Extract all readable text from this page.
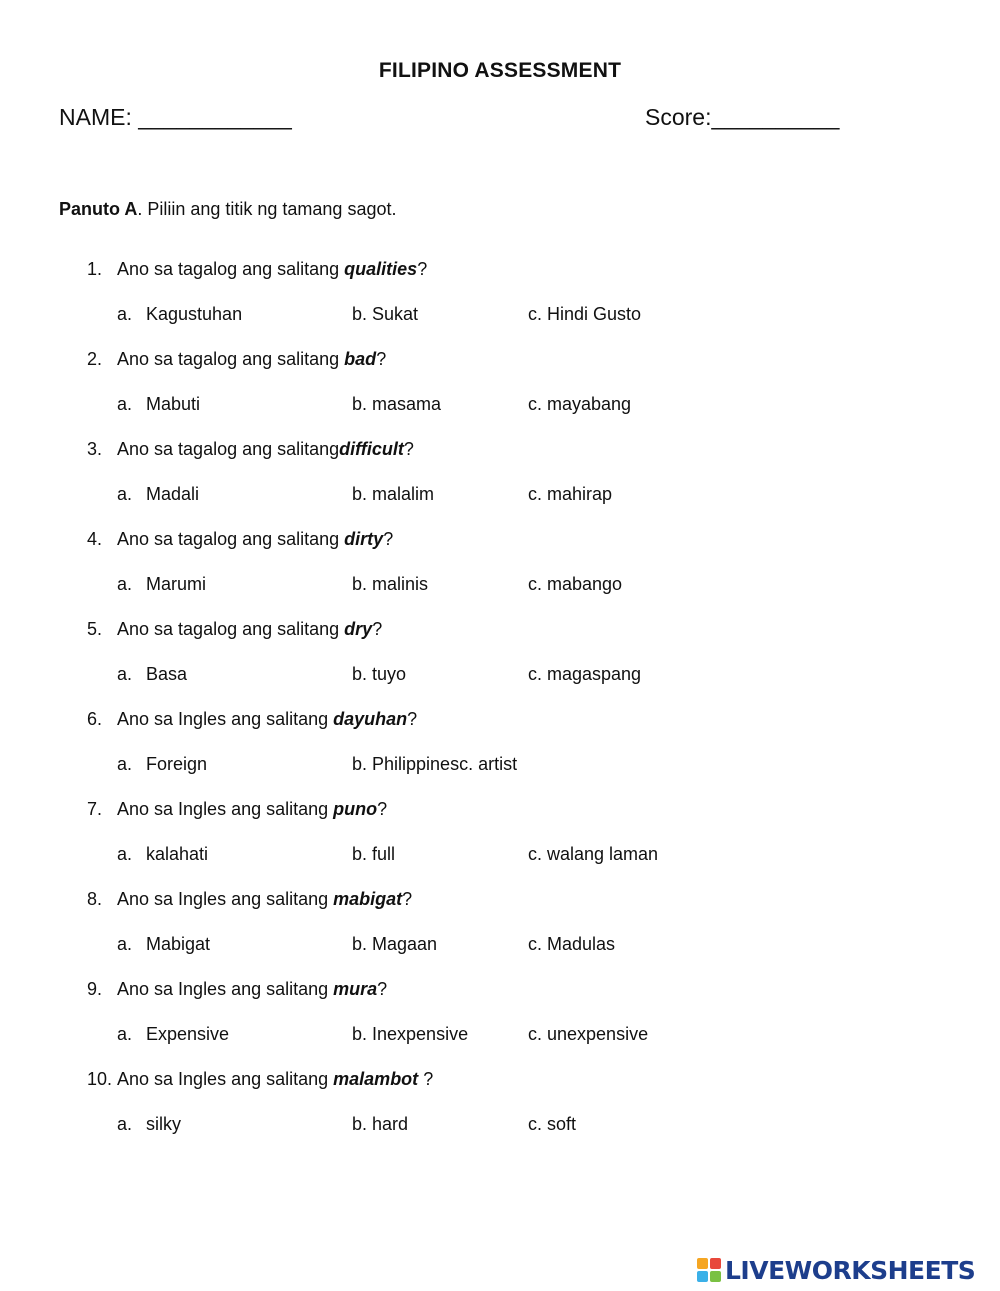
FILIPINO ASSESSMENT
NAME: ____________	Score:__________
Panuto A. Piliin ang titik ng tamang sagot.
1. Ano sa tagalog ang salitang qualities?
a. Kagustuhan	b. Sukat	c. Hindi Gusto
2. Ano sa tagalog ang salitang bad?
a. Mabuti	b. masama	c. mayabang
3. Ano sa tagalog ang salitangdifficult?
a. Madali	b. malalim	c. mahirap
4. Ano sa tagalog ang salitang dirty?
a. Marumi	b. malinis	c. mabango
5. Ano sa tagalog ang salitang dry?
a. Basa	b. tuyo	c. magaspang
6. Ano sa Ingles ang salitang dayuhan?
a. Foreign	b. Philippinesc. artist
7. Ano sa Ingles ang salitang puno?
a. kalahati	b. full	c. walang laman
8. Ano sa Ingles ang salitang mabigat?
a. Mabigat	b. Magaan	c. Madulas
9. Ano sa Ingles ang salitang mura?
a. Expensive	b. Inexpensive	c. unexpensive
10. Ano sa Ingles ang salitang malambot ?
a. silky	b. hard	c. soft
LIVEWORKSHEETS
